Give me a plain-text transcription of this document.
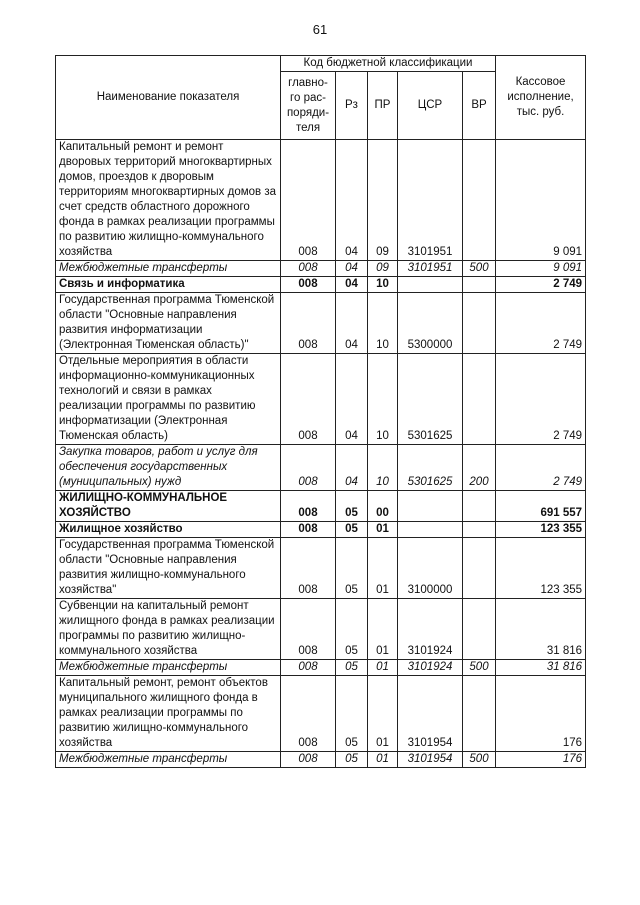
61
Наименование показателя	Код бюджетной классификации					Кассовое исполнение, тыс. руб.
	главно-го рас-поряди-теля	Рз	ПР	ЦСР	ВР	
Капитальный ремонт и ремонт дворовых территорий многоквартирных домов, проездов к дворовым территориям многоквартирных домов за счет средств областного дорожного фонда в рамках реализации программы по развитию жилищно-коммунального хозяйства	008	04	09	3101951		9 091
Межбюджетные трансферты	008	04	09	3101951	500	9 091
Связь и информатика	008	04	10			2 749
Государственная программа Тюменской области "Основные направления развития информатизации (Электронная Тюменская область)"	008	04	10	5300000		2 749
Отдельные мероприятия в области информационно-коммуникационных технологий и связи в рамках реализации программы по развитию информатизации (Электронная Тюменская область)	008	04	10	5301625		2 749
Закупка товаров, работ и услуг для обеспечения государственных (муниципальных) нужд	008	04	10	5301625	200	2 749
ЖИЛИЩНО-КОММУНАЛЬНОЕ ХОЗЯЙСТВО	008	05	00			691 557
Жилищное хозяйство	008	05	01			123 355
Государственная программа Тюменской области "Основные направления развития жилищно-коммунального хозяйства"	008	05	01	3100000		123 355
Субвенции на капитальный ремонт жилищного фонда в рамках реализации программы по развитию жилищно-коммунального хозяйства	008	05	01	3101924		31 816
Межбюджетные трансферты	008	05	01	3101924	500	31 816
Капитальный ремонт, ремонт объектов муниципального жилищного фонда в рамках реализации программы по развитию жилищно-коммунального хозяйства	008	05	01	3101954		176
Межбюджетные трансферты	008	05	01	3101954	500	176
